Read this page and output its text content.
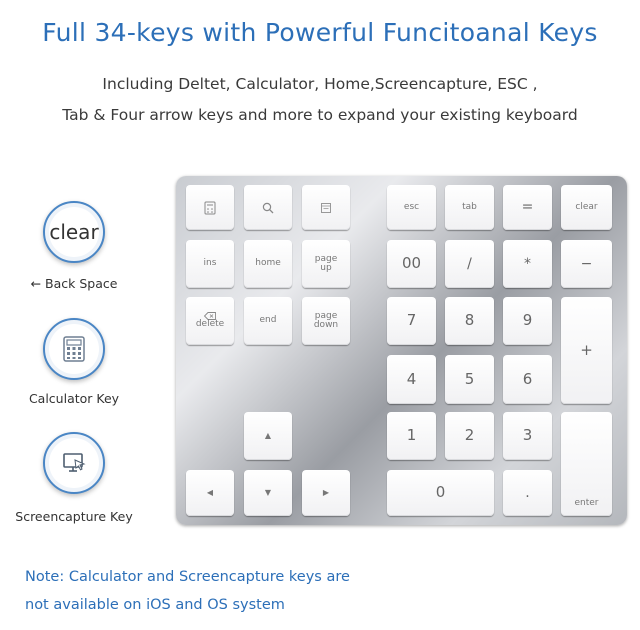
Full 34-keys with Powerful Funcitoanal Keys
Including Deltet, Calculator, Home,Screencapture, ESC ,
Tab & Four arrow keys and more to expand your existing keyboard
clear
← Back Space
Calculator Key
Screencapture Key
ins	home	page
up
delete	end	page
down
▲
◀	▼	▶
esc	tab	=	clear
00	/	*	−
7	8	9
+
4	5	6
1	2	3
enter
0	.
Note: Calculator and Screencapture keys are
not available on iOS and OS system
